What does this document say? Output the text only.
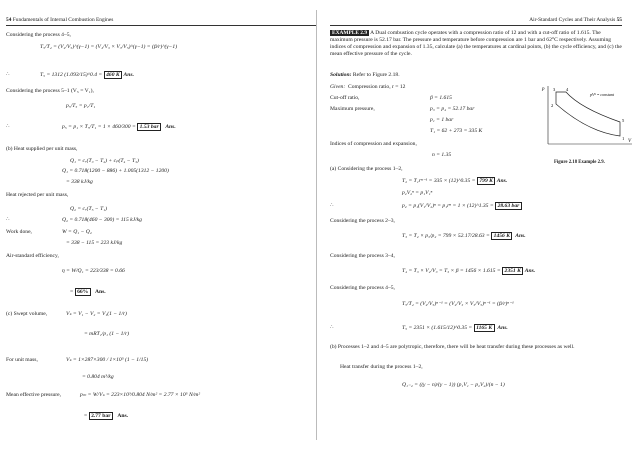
54 Fundamentals of Internal Combustion Engines
Considering the process 4–5,
T₅/T₄ = (V₄/V₅)^(γ−1) = (V₄/V₃ × V₃/V₅)^(γ−1) = (β/r)^(γ−1)
∴	T₅ = 1312 (1.093/15)^0.4 = 460 K Ans.
Considering the process 5–1 (V₅ = V₁),
p₅/T₅ = p₁/T₁
∴	p₅ = p₁ × T₅/T₁ = 1 × 460/300 = 1.53 bar Ans.
(b) Heat supplied per unit mass,
Q₁ = cᵥ(T₃ − T₂) + cₚ(T₄ − T₃)
Q₁ = 0.718(1200 − 886) + 1.005(1312 − 1200)
= 338 kJ/kg
Heat rejected per unit mass,
Q₂ = cᵥ(T₅ − T₁)
∴	Q₂ = 0.718(460 − 300) = 115 kJ/kg
Work done,	W = Q₁ − Q₂
= 338 − 115 = 223 kJ/kg
Air-standard efficiency,
η = W/Q₁ = 223/338 = 0.66
= 66% Ans.
(c) Swept volume,	Vₛ = V₁ − V₂ = V₁(1 − 1/r)
= mRT₁/p₁ (1 − 1/r)
For unit mass,	Vₛ = 1×287×300 / 1×10⁵ (1 − 1/15)
= 0.804 m³/kg
Mean effective pressure,	pₘ = W/Vₛ = 223×10³/0.804 N/m² = 2.77 × 10⁵ N/m²
= 2.77 bar Ans.
Air-Standard Cycles and Their Analysis 55
EXAMPLE 2.9 A Dual combustion cycle operates with a compression ratio of 12 and with a cut-off ratio of 1.615. The maximum pressure is 52.17 bar. The pressure and temperature before compression are 1 bar and 62°C respectively. Assuming indices of compression and expansion of 1.35, calculate (a) the temperatures at cardinal points, (b) the cycle efficiency, and (c) the mean effective pressure of the cycle.
Solution: Refer to Figure 2.18.
Given: Compression ratio, r = 12
Cut-off ratio,	β = 1.615
Maximum pressure,	p₃ = p₄ = 52.17 bar
p₁ = 1 bar
T₁ = 62 + 273 = 335 K
Indices of compression and expansion,
n = 1.35
(a) Considering the process 1–2,
T₂ = T₁rⁿ⁻¹ = 335 × (12)^0.35 = 799 K Ans.
p₂V₂ⁿ = p₁V₁ⁿ
∴	p₂ = p₁(V₁/V₂)ⁿ = p₁rⁿ = 1 × (12)^1.35 = 28.63 bar
Considering the process 2–3,
T₃ = T₂ × p₃/p₂ = 799 × 52.17/28.63 = 1456 K Ans.
Considering the process 3–4,
T₄ = T₃ × V₄/V₃ = T₃ × β = 1456 × 1.615 = 2351 K Ans.
Considering the process 4–5,
T₅/T₄ = (V₄/V₅)ⁿ⁻¹ = (V₄/V₃ × V₃/V₅)ⁿ⁻¹ = (β/r)ⁿ⁻¹
∴	T₅ = 2351 × (1.615/12)^0.35 = 1165 K Ans.
(b) Processes 1–2 and 4–5 are polytropic, therefore, there will be heat transfer during these processes as well.
Heat transfer during the process 1–2,
Q₁₋₂ = ((γ − n)/(γ − 1)) (p₁V₁ − p₂V₂)/(n − 1)
p
V
pVⁿ = constant
1
2
3 4
5
Figure 2.18 Example 2.9.
